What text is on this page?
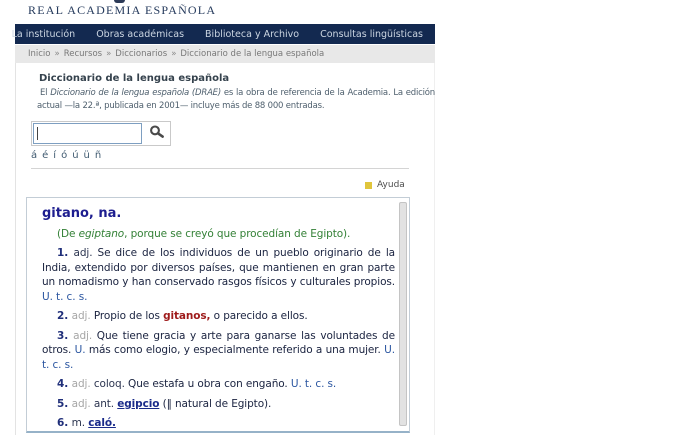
REAL ACADEMIA ESPAÑOLA
La institución Obras académicas Biblioteca y Archivo Consultas lingüísticas
Inicio » Recursos » Diccionarios » Diccionario de la lengua española
Diccionario de la lengua española

El Diccionario de la lengua española (DRAE) es la obra de referencia de la Academia. La edición actual —la 22.ª, publicada en 2001— incluye más de 88 000 entradas.

á é í ó ú ü ñ
Ayuda
gitano, na.
(De egiptano, porque se creyó que procedían de Egipto).

1. adj. Se dice de los individuos de un pueblo originario de la India, extendido por diversos países, que mantienen en gran parte un nomadismo y han conservado rasgos físicos y culturales propios. U. t. c. s.

2. adj. Propio de los gitanos, o parecido a ellos.

3. adj. Que tiene gracia y arte para ganarse las voluntades de otros. U. más como elogio, y especialmente referido a una mujer. U. t. c. s.

4. adj. coloq. Que estafa u obra con engaño. U. t. c. s.

5. adj. ant. egipcio (‖ natural de Egipto).

6. m. caló.
